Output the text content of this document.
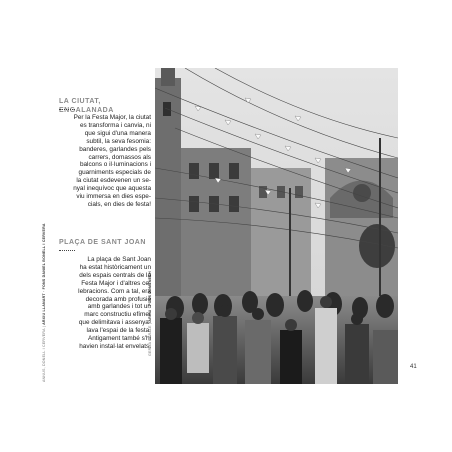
LA CIUTAT, ENGALANADA

Per la Festa Major, la ciutat

es transforma i canvia, ni

que sigui d'una manera

subtil, la seva fesomia:

banderes, garlandes pels

carrers, domassos als

balcons o il·luminacions i

guarniments especials de

la ciutat esdevenen un se-

nyal inequívoc que aquesta

viu immersa en dies espe-

cials, en dies de festa!

PLAÇA DE SANT JOAN

La plaça de Sant Joan

ha estat històricament un

dels espais centrals de la

Festa Major i d'altres ce-

lebracions. Com a tal, era

decorada amb profusió

amb garlandes i tot un

marc constructiu efímer

que delimitava i assenya-

lava l'espai de la festa.

Antigament també s'hi

havien instal·lat envelats.

ANNUS, DONELL I CERVERA | ARXIU LLANART · FONS DANIEL BONELL I CERVERA
GERMÀ PERALE | ARXIU · FONS DOMÈNECH
41
